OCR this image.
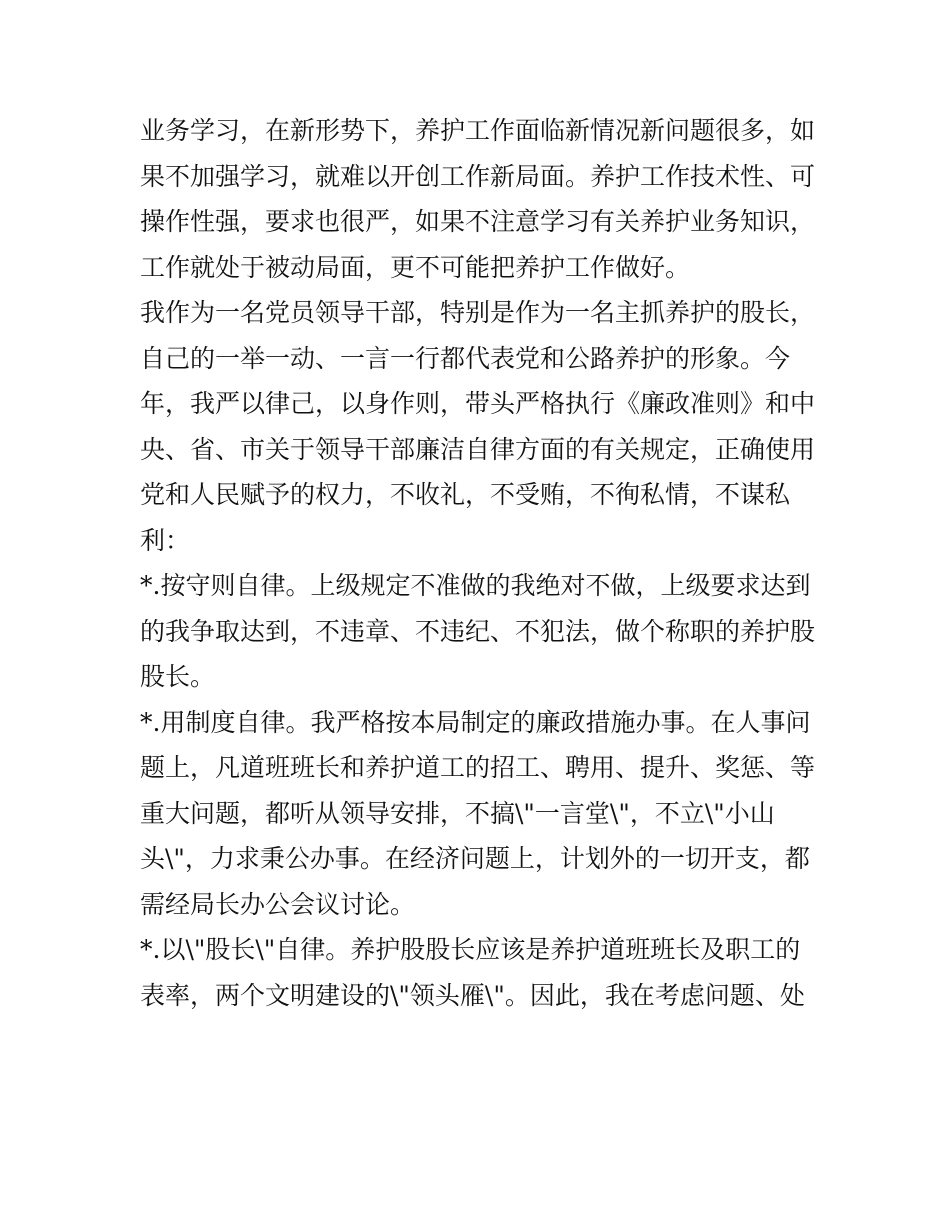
业务学习，在新形势下，养护工作面临新情况新问题很多，如
果不加强学习，就难以开创工作新局面。养护工作技术性、可
操作性强，要求也很严，如果不注意学习有关养护业务知识，
工作就处于被动局面，更不可能把养护工作做好。
我作为一名党员领导干部，特别是作为一名主抓养护的股长，
自己的一举一动、一言一行都代表党和公路养护的形象。今
年，我严以律己，以身作则，带头严格执行《廉政准则》和中
央、省、市关于领导干部廉洁自律方面的有关规定，正确使用
党和人民赋予的权力，不收礼，不受贿，不徇私情，不谋私
利：
*.按守则自律。上级规定不准做的我绝对不做，上级要求达到
的我争取达到，不违章、不违纪、不犯法，做个称职的养护股
股长。
*.用制度自律。我严格按本局制定的廉政措施办事。在人事问
题上，凡道班班长和养护道工的招工、聘用、提升、奖惩、等
重大问题，都听从领导安排，不搞\"一言堂\"，不立\"小山
头\"，力求秉公办事。在经济问题上，计划外的一切开支，都
需经局长办公会议讨论。
*.以\"股长\"自律。养护股股长应该是养护道班班长及职工的
表率，两个文明建设的\"领头雁\"。因此，我在考虑问题、处
